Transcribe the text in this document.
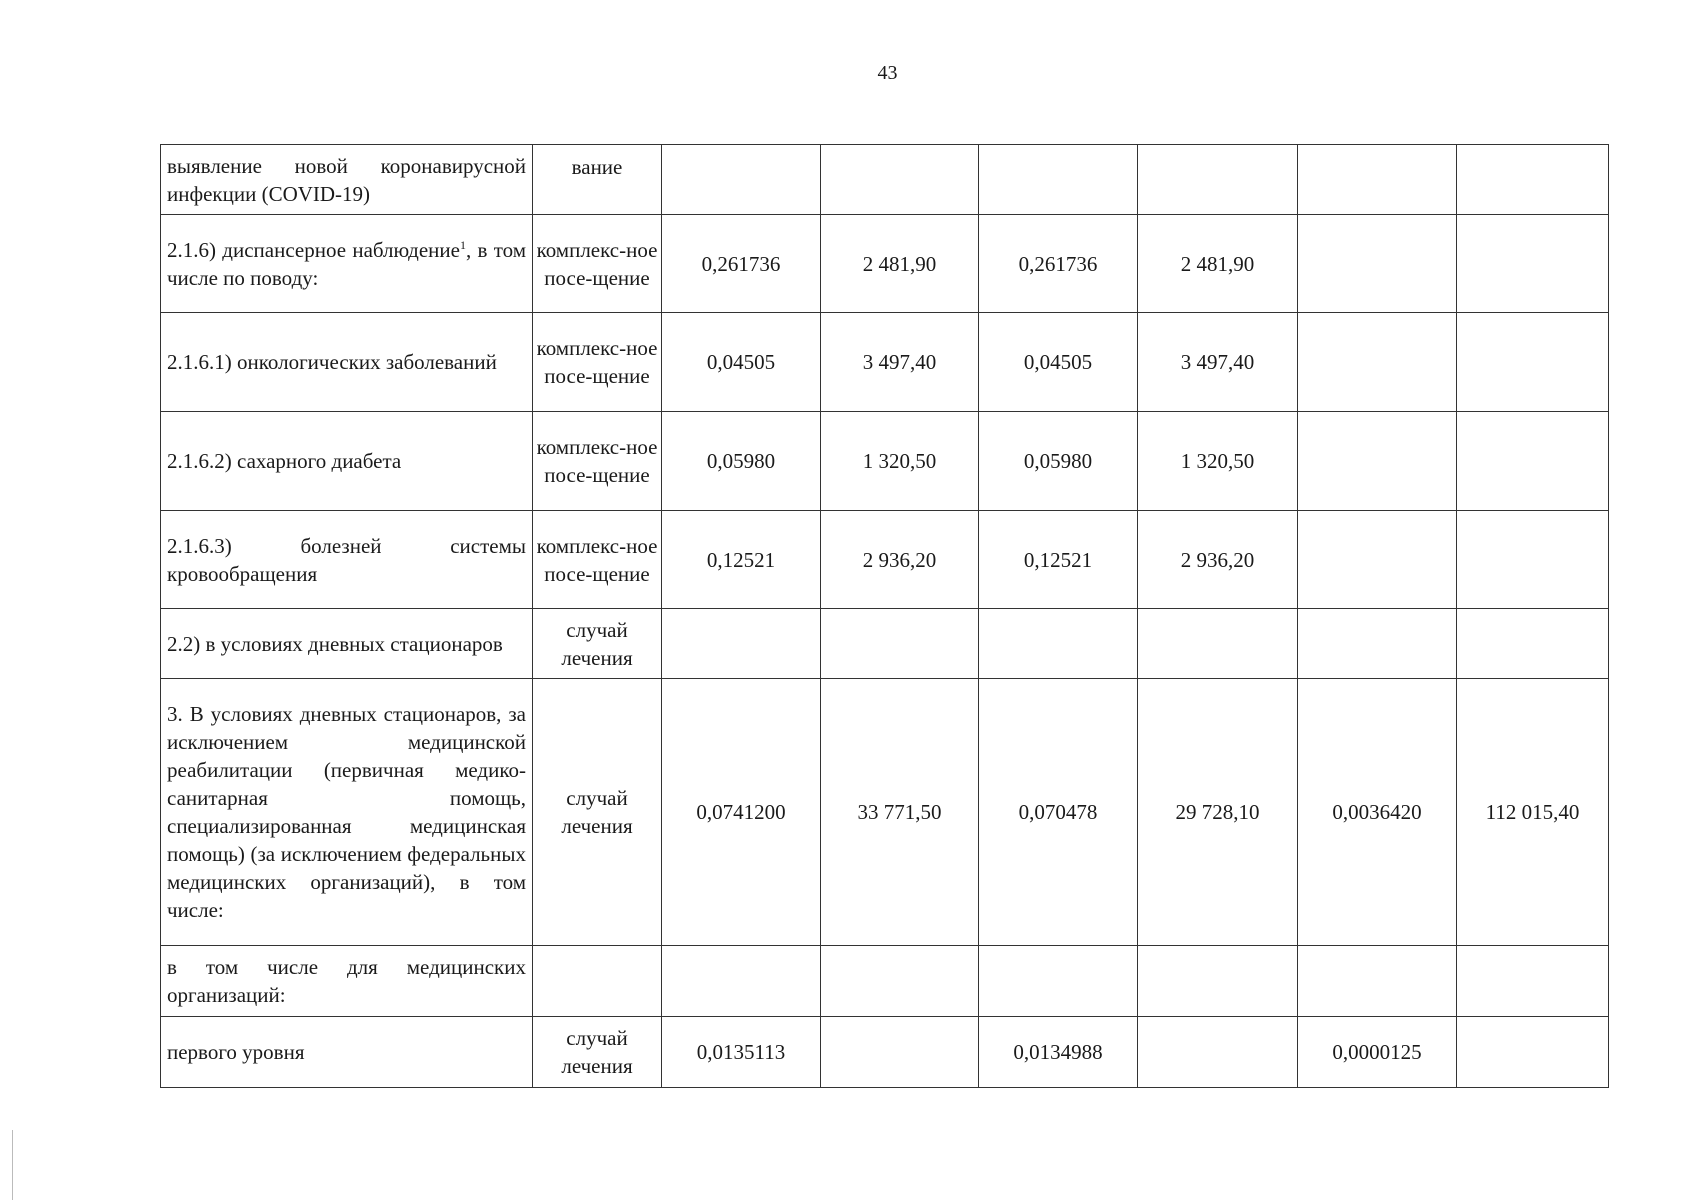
43
выявление новой коронавирусной инфекции (COVID-19)	вание						
2.1.6) диспансерное наблюдение$^1$, в том числе по поводу:	комплекс-ное посе-щение	0,261736	2 481,90	0,261736	2 481,90		
2.1.6.1) онкологических заболеваний	комплекс-ное посе-щение	0,04505	3 497,40	0,04505	3 497,40		
2.1.6.2) сахарного диабета	комплекс-ное посе-щение	0,05980	1 320,50	0,05980	1 320,50		
2.1.6.3) болезней системы кровообращения	комплекс-ное посе-щение	0,12521	2 936,20	0,12521	2 936,20		
2.2) в условиях дневных стационаров	случай лечения						
3. В условиях дневных стационаров, за исключением медицинской реабилитации (первичная медико-санитарная помощь, специализированная медицинская помощь) (за исключением федеральных медицинских организаций), в том числе:	случай лечения	0,0741200	33 771,50	0,070478	29 728,10	0,0036420	112 015,40
в том числе для медицинских организаций:							
первого уровня	случай лечения	0,0135113		0,0134988		0,0000125	
